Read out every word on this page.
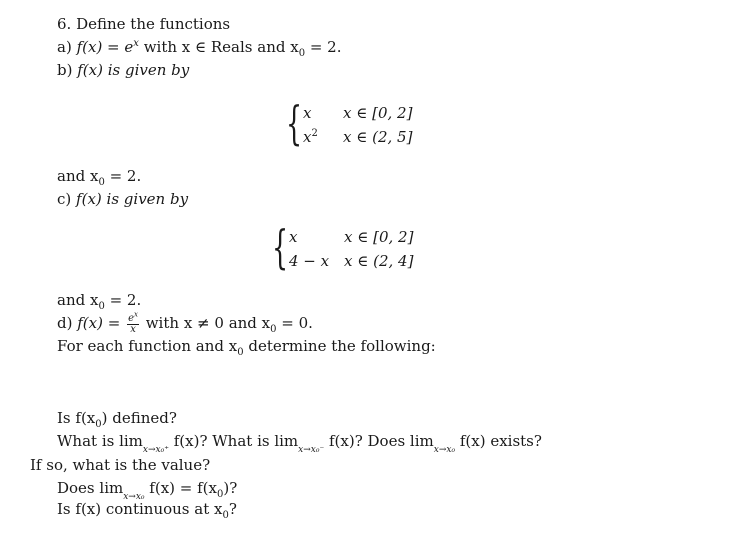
6. Define the functions
a) $f(x) = e^x$ with x ∈ Reals and $x_0 = 2$.
b) f(x) is given by
{ x x ∈ [0, 2]
$x^2$ x ∈ (2, 5]
and $x_0 = 2$.
c) f(x) is given by
{ x	x ∈ [0, 2]
4 − x x ∈ (2, 4]
and $x_0 = 2$.
d) $f(x) = \frac{e^x}{x}$ with x ≠ 0 and $x_0 = 0$.
For each function and $x_0$ determine the following:
Is $f(x_0)$ defined?
What is limx→x₀⁺ f(x)? What is limx→x₀⁻ f(x)? Does limx→x₀ f(x) exists?
If so, what is the value?
Does limx→x₀ $f(x) = f(x_0)$?
Is f(x) continuous at $x_0$?
